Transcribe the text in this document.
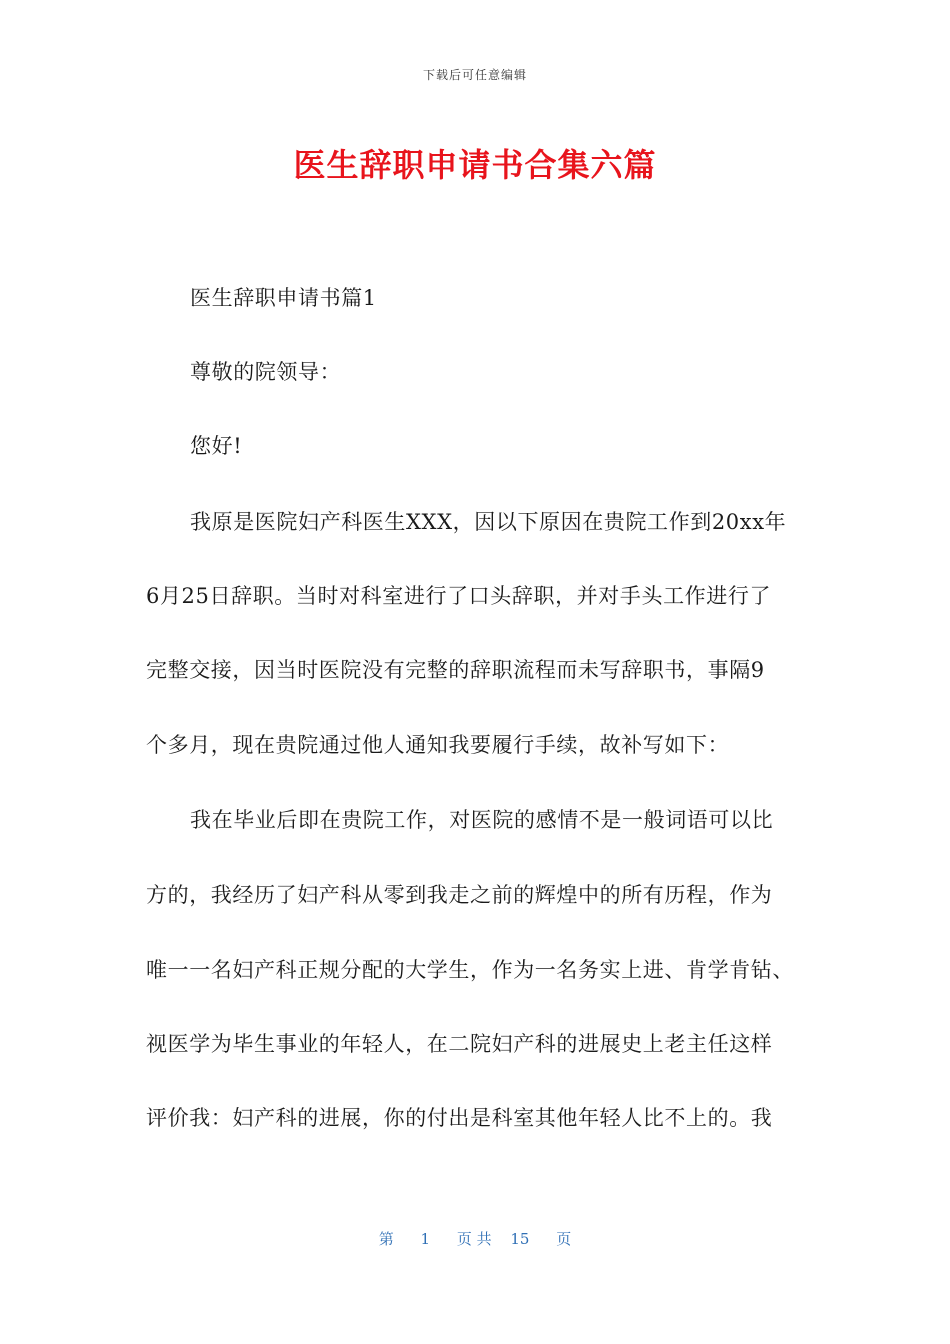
下载后可任意编辑
医生辞职申请书合集六篇
医生辞职申请书篇1
尊敬的院领导：
您好!
我原是医院妇产科医生XXX，因以下原因在贵院工作到20xx年
6月25日辞职。当时对科室进行了口头辞职，并对手头工作进行了
完整交接，因当时医院没有完整的辞职流程而未写辞职书，事隔9
个多月，现在贵院通过他人通知我要履行手续，故补写如下：
我在毕业后即在贵院工作，对医院的感情不是一般词语可以比
方的，我经历了妇产科从零到我走之前的辉煌中的所有历程，作为
唯一一名妇产科正规分配的大学生，作为一名务实上进、肯学肯钻、
视医学为毕生事业的年轻人，在二院妇产科的进展史上老主任这样
评价我：妇产科的进展，你的付出是科室其他年轻人比不上的。我
第 1 页 共 15 页
